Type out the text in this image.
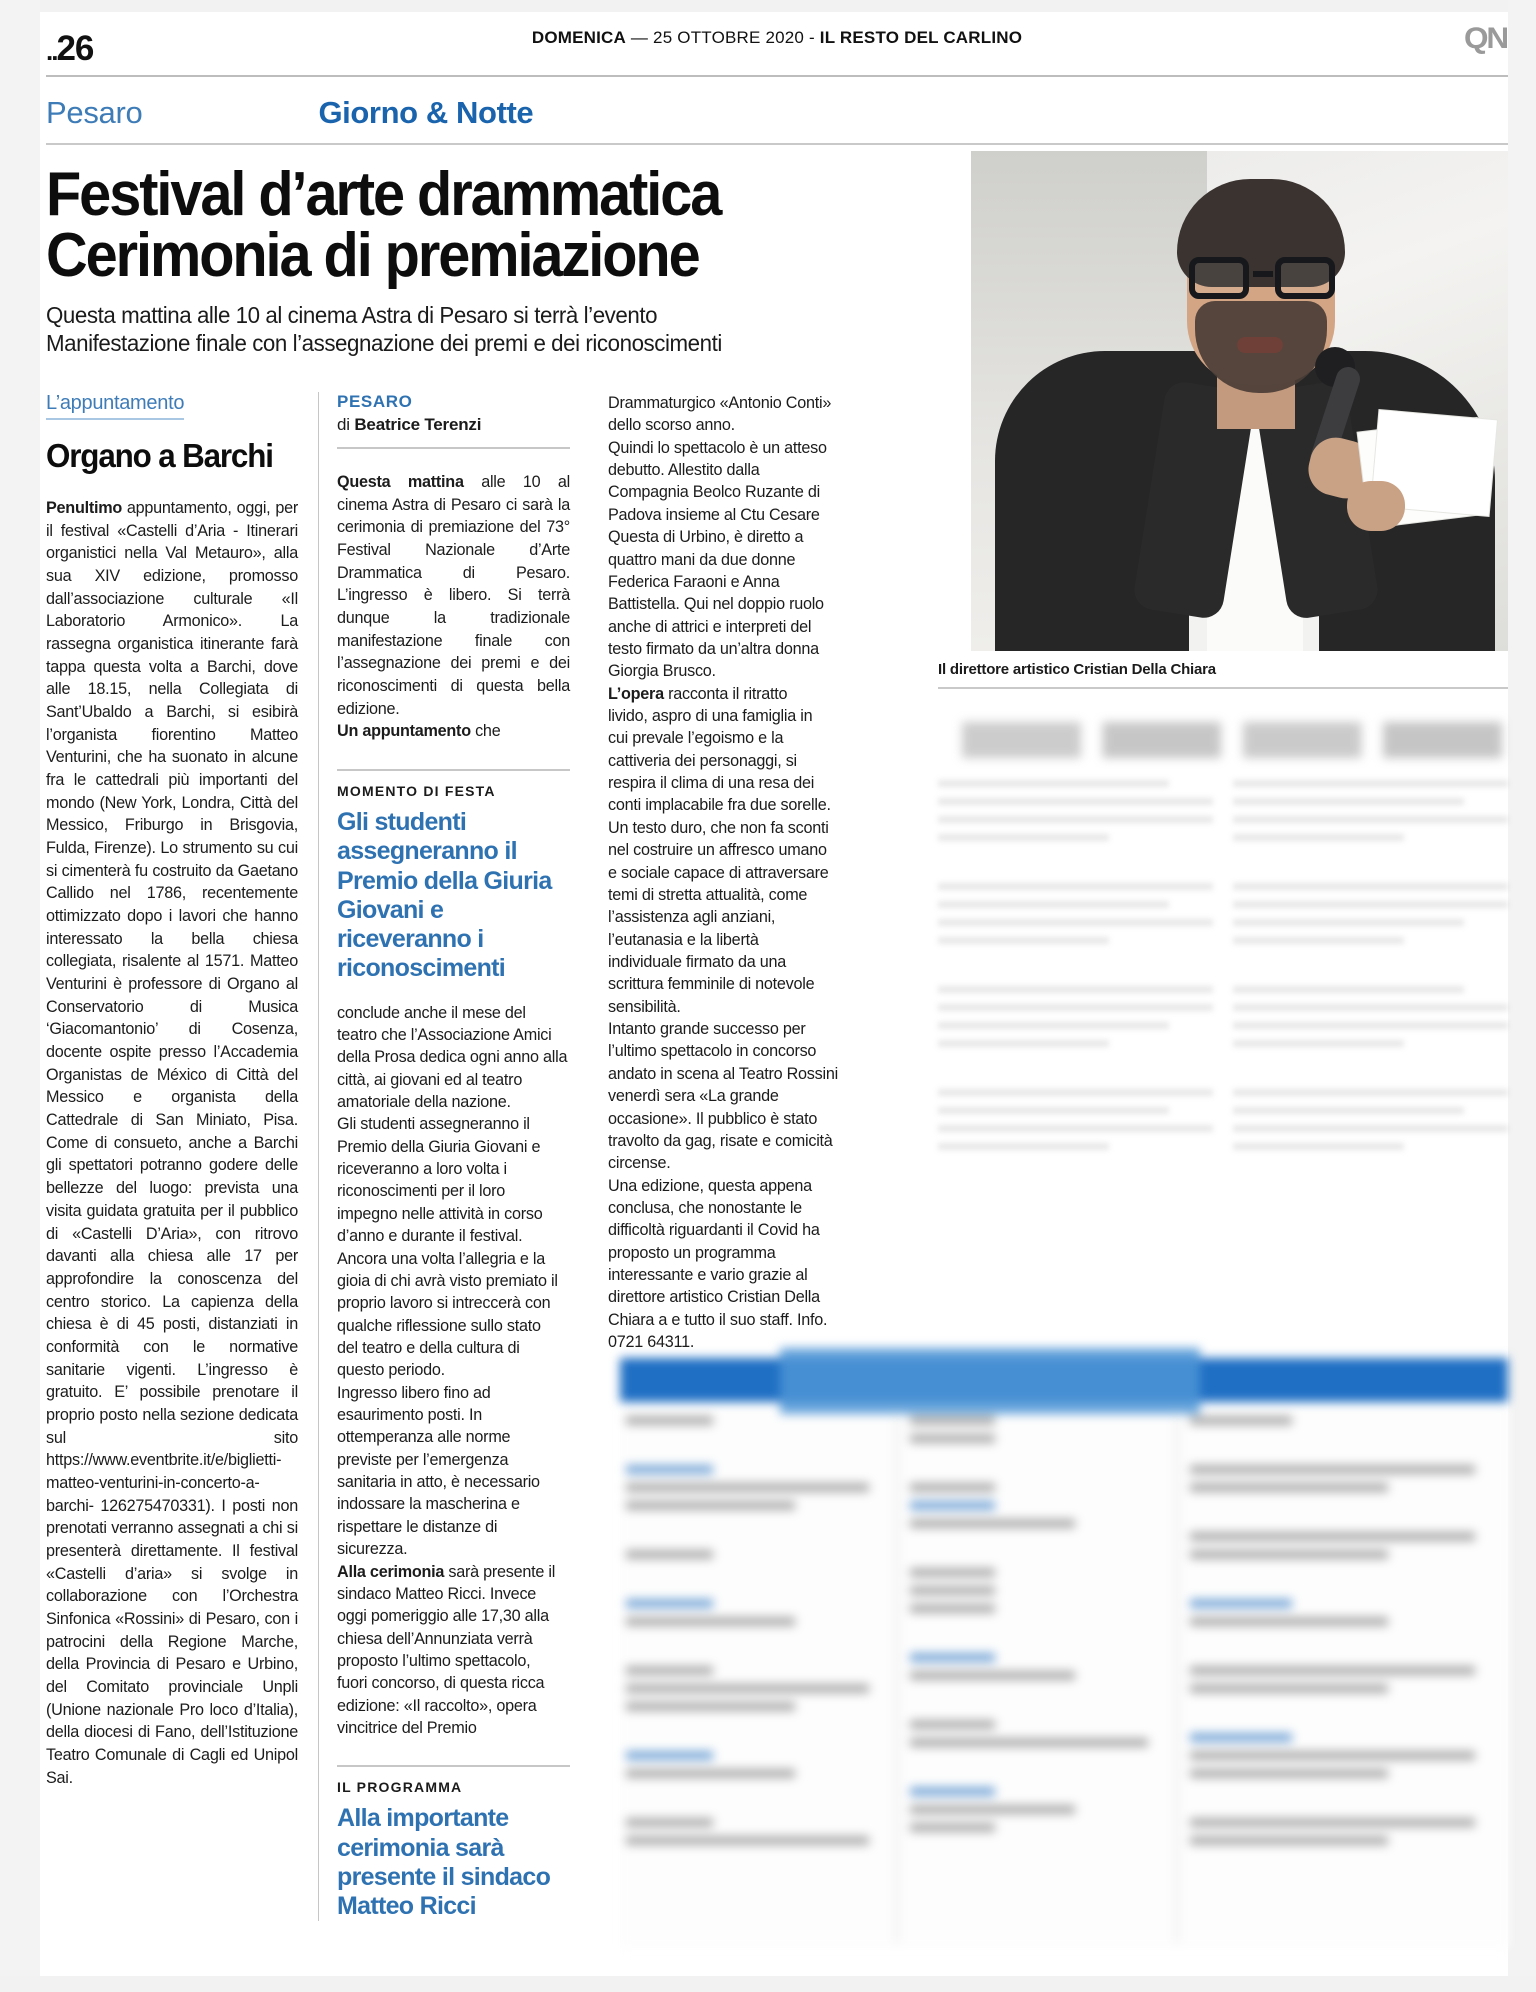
..26	DOMENICA — 25 OTTOBRE 2020 - IL RESTO DEL CARLINO	QN
Pesaro	Giorno & Notte
Festival d’arte drammatica
Cerimonia di premiazione
Questa mattina alle 10 al cinema Astra di Pesaro si terrà l’evento
Manifestazione finale con l’assegnazione dei premi e dei riconoscimenti
Il direttore artistico Cristian Della Chiara
L’appuntamento
Organo a Barchi
Penultimo appuntamento, oggi, per il festival «Castelli d’Aria - Itinerari organistici nella Val Metauro», alla sua XIV edizione, promosso dall’associazione culturale «Il Laboratorio Armonico». La rassegna organistica itinerante farà tappa questa volta a Barchi, dove alle 18.15, nella Collegiata di Sant’Ubaldo a Barchi, si esibirà l’organista fiorentino Matteo Venturini, che ha suonato in alcune fra le cattedrali più importanti del mondo (New York, Londra, Città del Messico, Friburgo in Brisgovia, Fulda, Firenze). Lo strumento su cui si cimenterà fu costruito da Gaetano Callido nel 1786, recentemente ottimizzato dopo i lavori che hanno interessato la bella chiesa collegiata, risalente al 1571. Matteo Venturini è professore di Organo al Conservatorio di Musica ‘Giacomantonio’ di Cosenza, docente ospite presso l’Accademia Organistas de México di Città del Messico e organista della Cattedrale di San Miniato, Pisa. Come di consueto, anche a Barchi gli spettatori potranno godere delle bellezze del luogo: prevista una visita guidata gratuita per il pubblico di «Castelli D’Aria», con ritrovo davanti alla chiesa alle 17 per approfondire la conoscenza del centro storico. La capienza della chiesa è di 45 posti, distanziati in conformità con le normative sanitarie vigenti. L’ingresso è gratuito. E’ possibile prenotare il proprio posto nella sezione dedicata sul sito https://www.eventbrite.it/e/biglietti-matteo-venturini-in-concerto-a-barchi- 126275470331). I posti non prenotati verranno assegnati a chi si presenterà direttamente. Il festival «Castelli d’aria» si svolge in collaborazione con l’Orchestra Sinfonica «Rossini» di Pesaro, con i patrocini della Regione Marche, della Provincia di Pesaro e Urbino, del Comitato provinciale Unpli (Unione nazionale Pro loco d’Italia), della diocesi di Fano, dell’Istituzione Teatro Comunale di Cagli ed Unipol Sai.
PESARO
di Beatrice Terenzi
Questa mattina alle 10 al cinema Astra di Pesaro ci sarà la cerimonia di premiazione del 73° Festival Nazionale d’Arte Drammatica di Pesaro. L’ingresso è libero. Si terrà dunque la tradizionale manifestazione finale con l’assegnazione dei premi e dei riconoscimenti di questa bella edizione.
Un appuntamento che
MOMENTO DI FESTA
Gli studenti assegneranno il Premio della Giuria Giovani e riceveranno i riconoscimenti
conclude anche il mese del
teatro che l’Associazione Amici
della Prosa dedica ogni anno alla
città, ai giovani ed al teatro
amatoriale della nazione.
Gli studenti assegneranno il
Premio della Giuria Giovani e
riceveranno a loro volta i
riconoscimenti per il loro
impegno nelle attività in corso
d’anno e durante il festival.
Ancora una volta l’allegria e la
gioia di chi avrà visto premiato il
proprio lavoro si intreccerà con
qualche riflessione sullo stato
del teatro e della cultura di
questo periodo.
Ingresso libero fino ad
esaurimento posti. In
ottemperanza alle norme
previste per l’emergenza
sanitaria in atto, è necessario
indossare la mascherina e
rispettare le distanze di
sicurezza.
Alla cerimonia sarà presente il
sindaco Matteo Ricci. Invece
oggi pomeriggio alle 17,30 alla
chiesa dell’Annunziata verrà
proposto l’ultimo spettacolo,
fuori concorso, di questa ricca
edizione: «Il raccolto», opera
vincitrice del Premio
IL PROGRAMMA
Alla importante cerimonia sarà presente il sindaco Matteo Ricci
Drammaturgico «Antonio Conti»
dello scorso anno.
Quindi lo spettacolo è un atteso
debutto. Allestito dalla
Compagnia Beolco Ruzante di
Padova insieme al Ctu Cesare
Questa di Urbino, è diretto a
quattro mani da due donne
Federica Faraoni e Anna
Battistella. Qui nel doppio ruolo
anche di attrici e interpreti del
testo firmato da un’altra donna
Giorgia Brusco.
L’opera racconta il ritratto
livido, aspro di una famiglia in
cui prevale l’egoismo e la
cattiveria dei personaggi, si
respira il clima di una resa dei
conti implacabile fra due sorelle.
Un testo duro, che non fa sconti
nel costruire un affresco umano
e sociale capace di attraversare
temi di stretta attualità, come
l’assistenza agli anziani,
l’eutanasia e la libertà
individuale firmato da una
scrittura femminile di notevole
sensibilità.
Intanto grande successo per
l’ultimo spettacolo in concorso
andato in scena al Teatro Rossini
venerdì sera «La grande
occasione». Il pubblico è stato
travolto da gag, risate e comicità
circense.
Una edizione, questa appena
conclusa, che nonostante le
difficoltà riguardanti il Covid ha
proposto un programma
interessante e vario grazie al
direttore artistico Cristian Della
Chiara a e tutto il suo staff. Info.
0721 64311.
